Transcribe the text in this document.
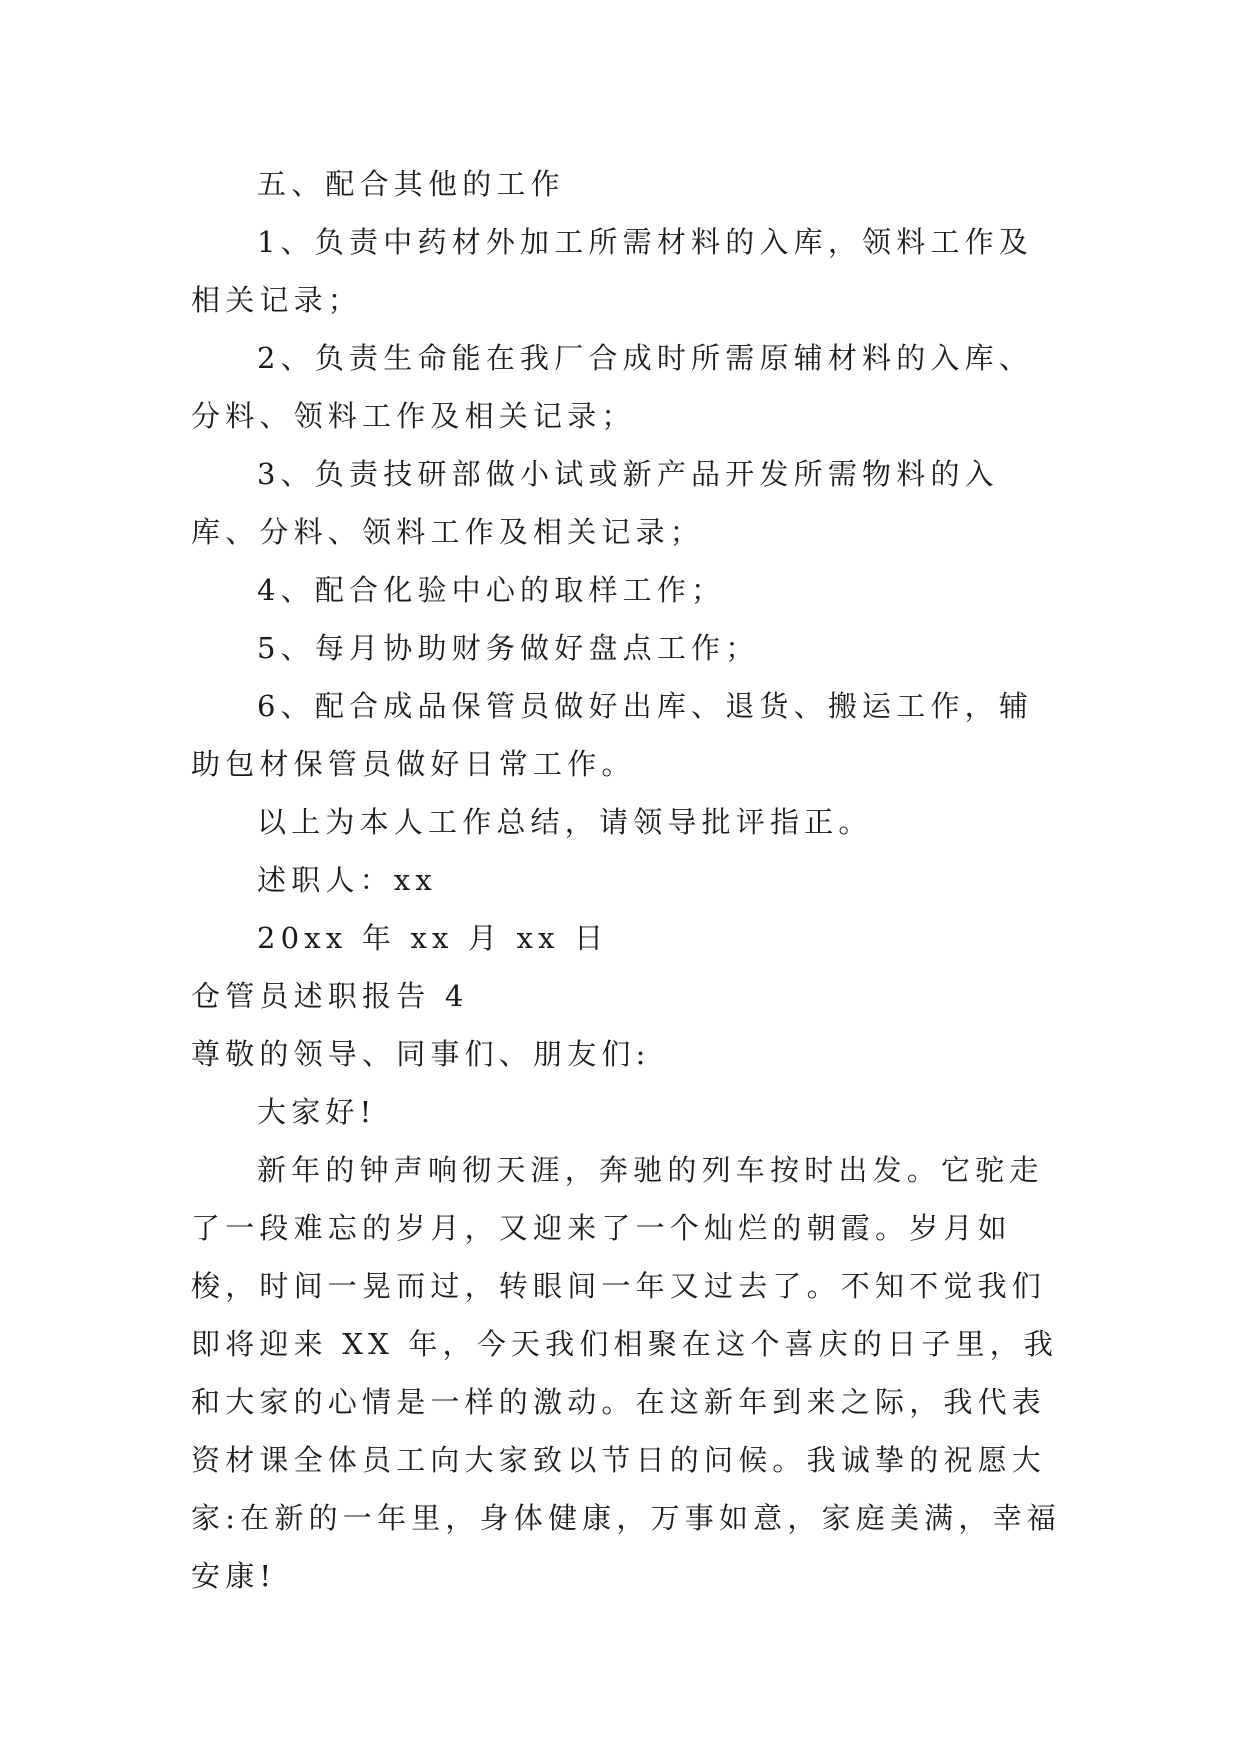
五、配合其他的工作

1、负责中药材外加工所需材料的入库，领料工作及相关记录；

2、负责生命能在我厂合成时所需原辅材料的入库、分料、领料工作及相关记录；

3、负责技研部做小试或新产品开发所需物料的入库、分料、领料工作及相关记录；

4、配合化验中心的取样工作；

5、每月协助财务做好盘点工作；

6、配合成品保管员做好出库、退货、搬运工作，辅助包材保管员做好日常工作。

以上为本人工作总结，请领导批评指正。

述职人：xx

20xx 年 xx 月 xx 日

仓管员述职报告 4

尊敬的领导、同事们、朋友们:

大家好!

新年的钟声响彻天涯，奔驰的列车按时出发。它驼走了一段难忘的岁月，又迎来了一个灿烂的朝霞。岁月如梭，时间一晃而过，转眼间一年又过去了。不知不觉我们即将迎来 XX 年，今天我们相聚在这个喜庆的日子里，我和大家的心情是一样的激动。在这新年到来之际，我代表资材课全体员工向大家致以节日的问候。我诚挚的祝愿大家:在新的一年里，身体健康，万事如意，家庭美满，幸福安康!
